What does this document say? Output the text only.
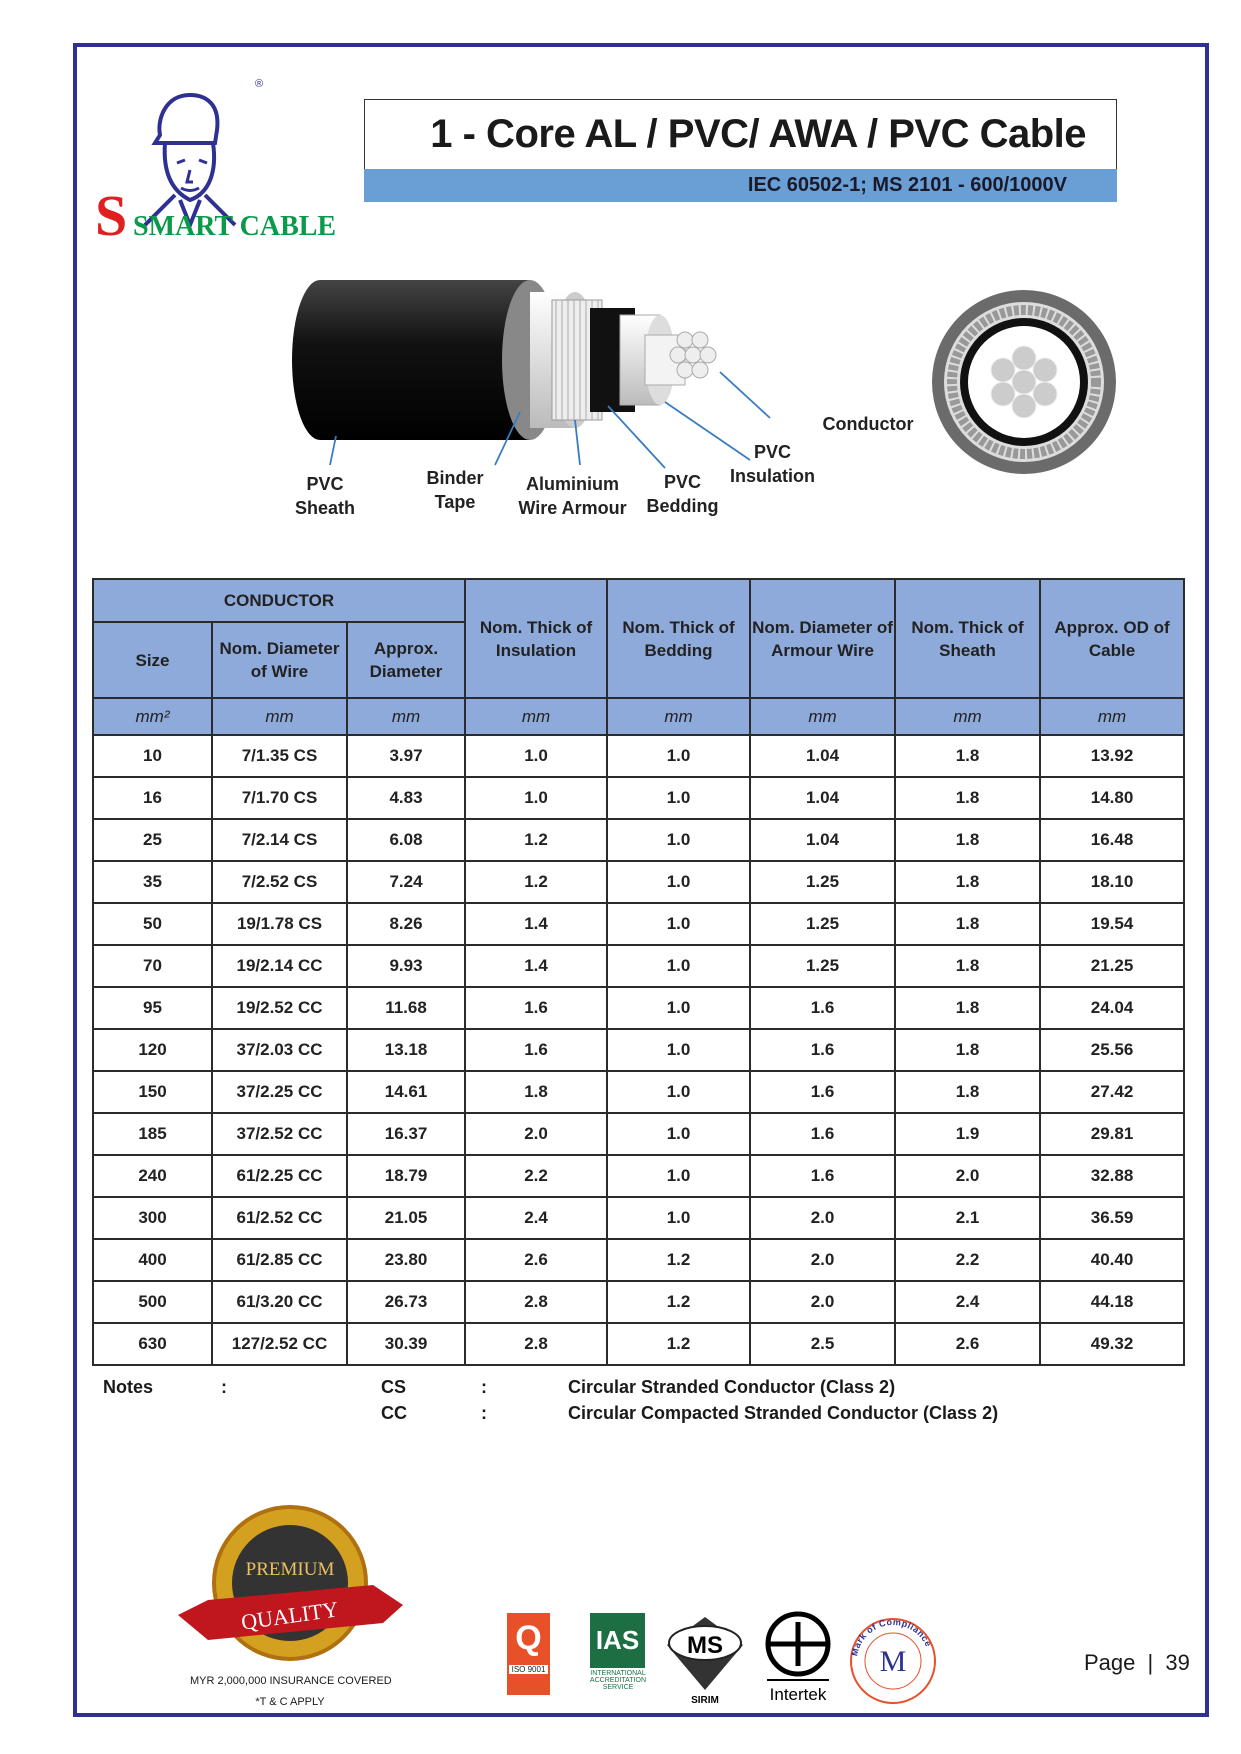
®
S SMART CABLE
1 - Core AL / PVC/ AWA / PVC Cable
IEC 60502-1; MS 2101 - 600/1000V
PVC Sheath
Binder Tape
Aluminium Wire Armour
PVC Bedding
PVC Insulation
Conductor
CONDUCTOR			Nom. Thick of Insulation	Nom. Thick of Bedding	Nom. Diameter of Armour Wire	Nom. Thick of Sheath	Approx. OD of Cable
Size	Nom. Diameter of Wire	Approx. Diameter					
mm²	mm	mm	mm	mm	mm	mm	mm
10	7/1.35 CS	3.97	1.0	1.0	1.04	1.8	13.92
16	7/1.70 CS	4.83	1.0	1.0	1.04	1.8	14.80
25	7/2.14 CS	6.08	1.2	1.0	1.04	1.8	16.48
35	7/2.52 CS	7.24	1.2	1.0	1.25	1.8	18.10
50	19/1.78 CS	8.26	1.4	1.0	1.25	1.8	19.54
70	19/2.14 CC	9.93	1.4	1.0	1.25	1.8	21.25
95	19/2.52 CC	11.68	1.6	1.0	1.6	1.8	24.04
120	37/2.03 CC	13.18	1.6	1.0	1.6	1.8	25.56
150	37/2.25 CC	14.61	1.8	1.0	1.6	1.8	27.42
185	37/2.52 CC	16.37	2.0	1.0	1.6	1.9	29.81
240	61/2.25 CC	18.79	2.2	1.0	1.6	2.0	32.88
300	61/2.52 CC	21.05	2.4	1.0	2.0	2.1	36.59
400	61/2.85 CC	23.80	2.6	1.2	2.0	2.2	40.40
500	61/3.20 CC	26.73	2.8	1.2	2.0	2.4	44.18
630	127/2.52 CC	30.39	2.8	1.2	2.5	2.6	49.32
Notes	:	CS	:	Circular Stranded Conductor (Class 2)
CC	:	Circular Compacted Stranded Conductor (Class 2)
PREMIUM
QUALITY
MYR 2,000,000 INSURANCE COVERED
*T & C APPLY
Q
ISO 9001
IAS
INTERNATIONAL ACCREDITATION SERVICE
MS
SIRIM	Intertek
Mark of Compliance
M	Page | 39
